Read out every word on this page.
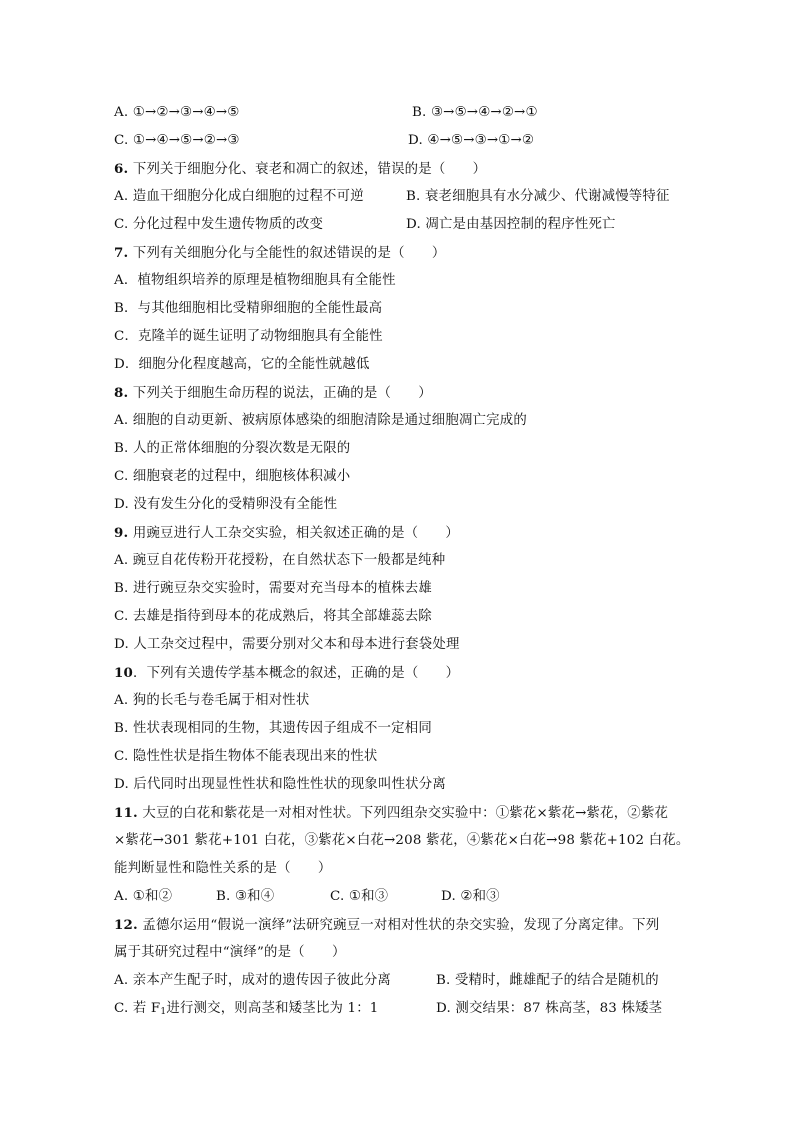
A. ①→②→③→④→⑤	B. ③→⑤→④→②→①
C. ①→④→⑤→②→③	D. ④→⑤→③→①→②
6. 下列关于细胞分化、衰老和凋亡的叙述，错误的是（　　）
A. 造血干细胞分化成白细胞的过程不可逆	B. 衰老细胞具有水分减少、代谢减慢等特征
C. 分化过程中发生遗传物质的改变	D. 凋亡是由基因控制的程序性死亡
7. 下列有关细胞分化与全能性的叙述错误的是（　　）
A．植物组织培养的原理是植物细胞具有全能性
B．与其他细胞相比受精卵细胞的全能性最高
C．克隆羊的诞生证明了动物细胞具有全能性
D．细胞分化程度越高，它的全能性就越低
8. 下列关于细胞生命历程的说法，正确的是（　　）
A. 细胞的自动更新、被病原体感染的细胞清除是通过细胞凋亡完成的
B. 人的正常体细胞的分裂次数是无限的
C. 细胞衰老的过程中，细胞核体积减小
D. 没有发生分化的受精卵没有全能性
9. 用豌豆进行人工杂交实验，相关叙述正确的是（　　）
A. 豌豆自花传粉开花授粉，在自然状态下一般都是纯种
B. 进行豌豆杂交实验时，需要对充当母本的植株去雄
C. 去雄是指待到母本的花成熟后，将其全部雄蕊去除
D. 人工杂交过程中，需要分别对父本和母本进行套袋处理
10．下列有关遗传学基本概念的叙述，正确的是（　　）
A. 狗的长毛与卷毛属于相对性状
B. 性状表现相同的生物，其遗传因子组成不一定相同
C. 隐性性状是指生物体不能表现出来的性状
D. 后代同时出现显性性状和隐性性状的现象叫性状分离
11. 大豆的白花和紫花是一对相对性状。下列四组杂交实验中：①紫花×紫花→紫花，②紫花
×紫花→301 紫花+101 白花，③紫花×白花→208 紫花，④紫花×白花→98 紫花+102 白花。
能判断显性和隐性关系的是（　　）
A. ①和②	B. ③和④	C. ①和③	D. ②和③
12. 孟德尔运用“假说一演绎”法研究豌豆一对相对性状的杂交实验，发现了分离定律。下列
属于其研究过程中“演绎”的是（　　）
A. 亲本产生配子时，成对的遗传因子彼此分离	B. 受精时，雌雄配子的结合是随机的
C. 若 $F_1$进行测交，则高茎和矮茎比为 1：1	D. 测交结果：87 株高茎，83 株矮茎
